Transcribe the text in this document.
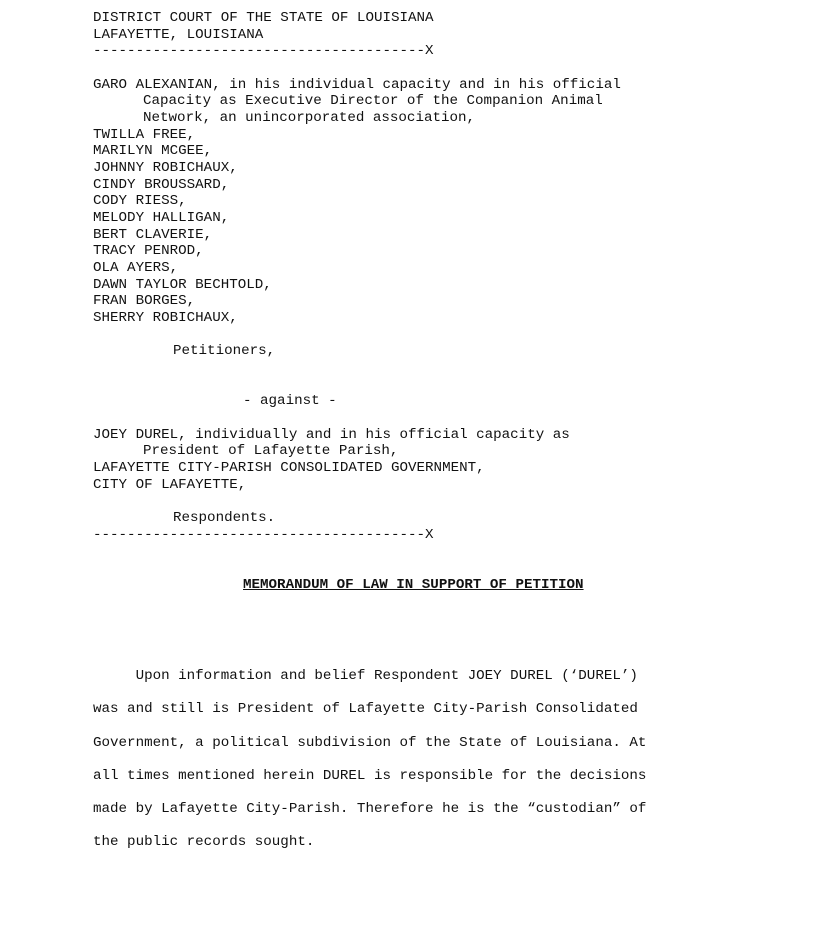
DISTRICT COURT OF THE STATE OF LOUISIANA
LAFAYETTE, LOUISIANA
---------------------------------------X
GARO ALEXANIAN, in his individual capacity and in his official
Capacity as Executive Director of the Companion Animal
Network, an unincorporated association,
TWILLA FREE,
MARILYN MCGEE,
JOHNNY ROBICHAUX,
CINDY BROUSSARD,
CODY RIESS,
MELODY HALLIGAN,
BERT CLAVERIE,
TRACY PENROD,
OLA AYERS,
DAWN TAYLOR BECHTOLD,
FRAN BORGES,
SHERRY ROBICHAUX,
Petitioners,
- against -
JOEY DUREL, individually and in his official capacity as
President of Lafayette Parish,
LAFAYETTE CITY-PARISH CONSOLIDATED GOVERNMENT,
CITY OF LAFAYETTE,
Respondents.
---------------------------------------X
MEMORANDUM OF LAW IN SUPPORT OF PETITION
Upon information and belief Respondent JOEY DUREL (‘DUREL’)
was and still is President of Lafayette City-Parish Consolidated
Government, a political subdivision of the State of Louisiana. At
all times mentioned herein DUREL is responsible for the decisions
made by Lafayette City-Parish. Therefore he is the “custodian” of
the public records sought.
